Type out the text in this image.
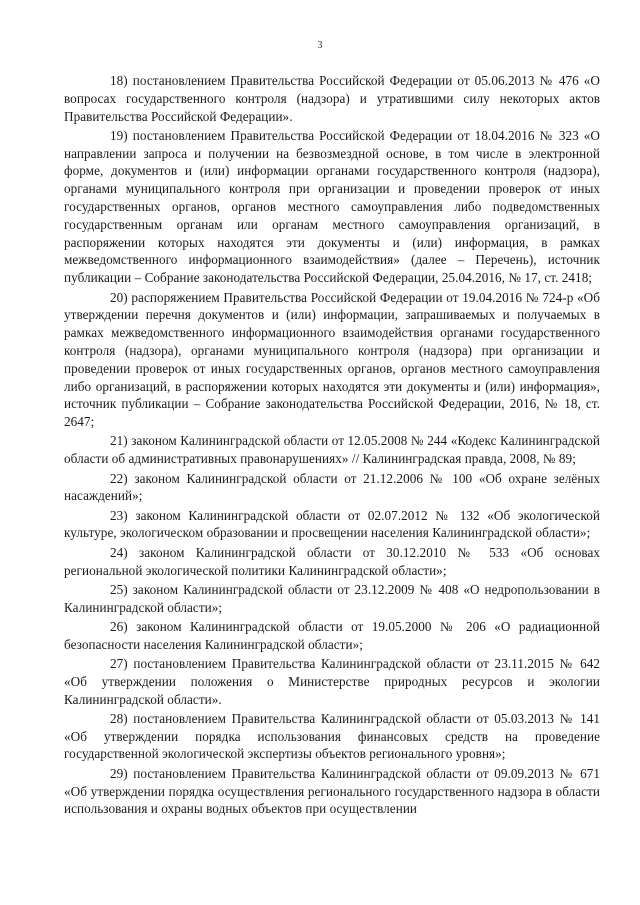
3

18) постановлением Правительства Российской Федерации от 05.06.2013 № 476 «О вопросах государственного контроля (надзора) и утратившими силу некоторых актов Правительства Российской Федерации».

19) постановлением Правительства Российской Федерации от 18.04.2016 № 323 «О направлении запроса и получении на безвозмездной основе, в том числе в электронной форме, документов и (или) информации органами государственного контроля (надзора), органами муниципального контроля при организации и проведении проверок от иных государственных органов, органов местного самоуправления либо подведомственных государственным органам или органам местного самоуправления организаций, в распоряжении которых находятся эти документы и (или) информация, в рамках межведомственного информационного взаимодействия» (далее – Перечень), источник публикации – Собрание законодательства Российской Федерации, 25.04.2016, № 17, ст. 2418;

20) распоряжением Правительства Российской Федерации от 19.04.2016 № 724-р «Об утверждении перечня документов и (или) информации, запрашиваемых и получаемых в рамках межведомственного информационного взаимодействия органами государственного контроля (надзора), органами муниципального контроля (надзора) при организации и проведении проверок от иных государственных органов, органов местного самоуправления либо организаций, в распоряжении которых находятся эти документы и (или) информация», источник публикации – Собрание законодательства Российской Федерации, 2016, № 18, ст. 2647;

21) законом Калининградской области от 12.05.2008 № 244 «Кодекс Калининградской области об административных правонарушениях» // Калининградская правда, 2008, № 89;

22) законом Калининградской области от 21.12.2006 № 100 «Об охране зелёных насаждений»;

23) законом Калининградской области от 02.07.2012 № 132 «Об экологической культуре, экологическом образовании и просвещении населения Калининградской области»;

24) законом Калининградской области от 30.12.2010 № 533 «Об основах региональной экологической политики Калининградской области»;

25) законом Калининградской области от 23.12.2009 № 408 «О недропользовании в Калининградской области»;

26) законом Калининградской области от 19.05.2000 № 206 «О радиационной безопасности населения Калининградской области»;

27) постановлением Правительства Калининградской области от 23.11.2015 № 642 «Об утверждении положения о Министерстве природных ресурсов и экологии Калининградской области».

28) постановлением Правительства Калининградской области от 05.03.2013 № 141 «Об утверждении порядка использования финансовых средств на проведение государственной экологической экспертизы объектов регионального уровня»;

29) постановлением Правительства Калининградской области от 09.09.2013 № 671 «Об утверждении порядка осуществления регионального государственного надзора в области использования и охраны водных объектов при осуществлении
